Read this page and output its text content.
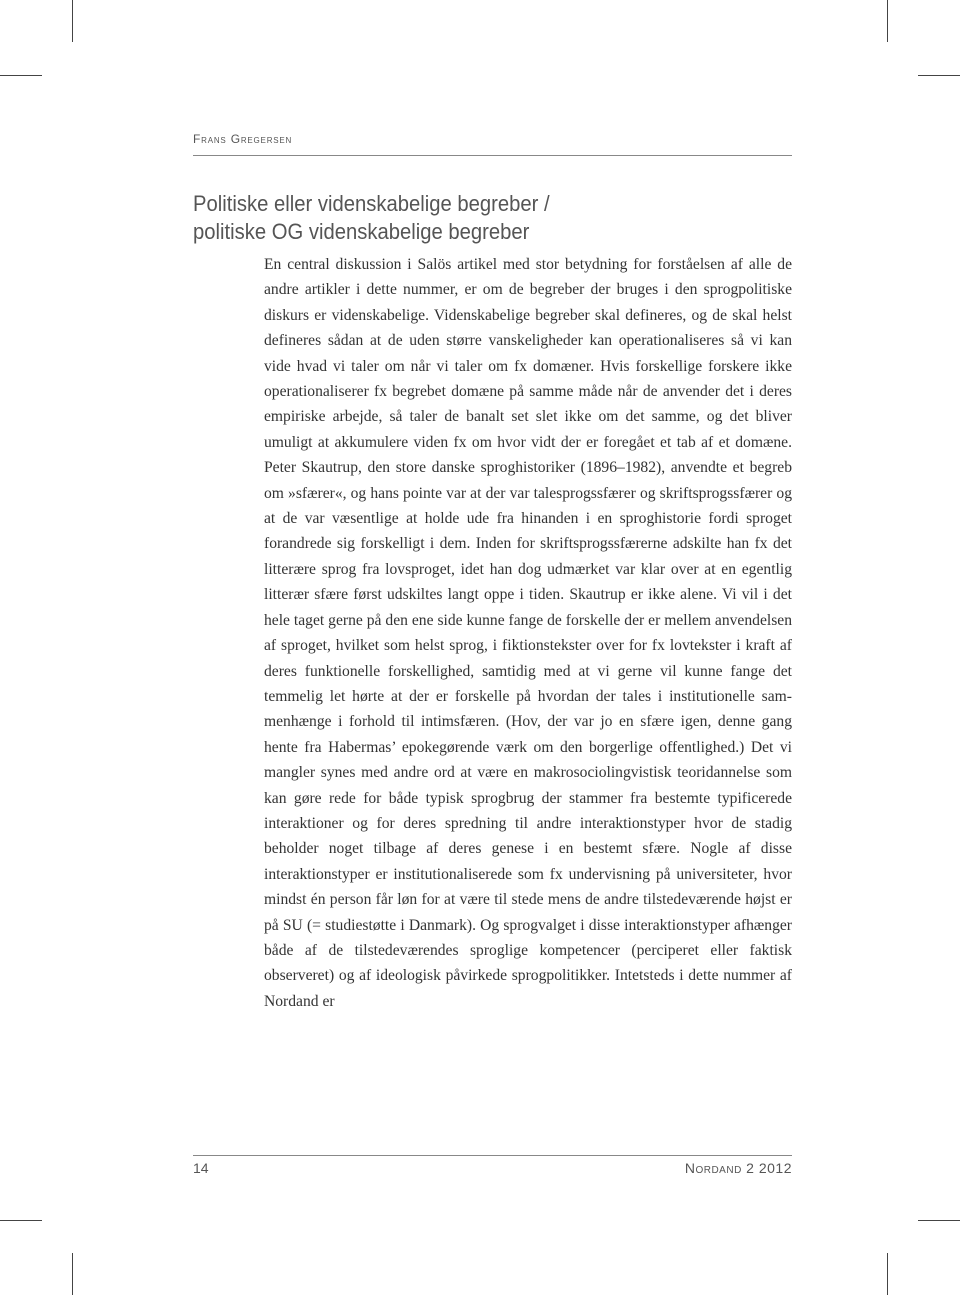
Frans Gregersen

Politiske eller videnskabelige begreber /
politiske OG videnskabelige begreber

En central diskussion i Salös artikel med stor betydning for forståelsen af alle de andre artikler i dette nummer, er om de begreber der bruges i den sprogpolitiske diskurs er videnskabelige. Videnskabelige begreber skal defineres, og de skal helst defineres sådan at de uden større vanskeligheder kan operationaliseres så vi kan vide hvad vi taler om når vi taler om fx domæner. Hvis forskellige forskere ikke operationaliserer fx begrebet domæne på samme måde når de anvender det i deres empiriske arbejde, så taler de banalt set slet ikke om det samme, og det bliver umuligt at akkumulere viden fx om hvor vidt der er foregået et tab af et domæne. Peter Skautrup, den store danske sproghistoriker (1896–1982), anvendte et begreb om »sfærer«, og hans pointe var at der var talesprogssfærer og skriftsprogssfærer og at de var væsentlige at holde ude fra hinanden i en sproghistorie fordi sproget forandrede sig forskelligt i dem. Inden for skriftsprogssfærerne adskilte han fx det litterære sprog fra lovsproget, idet han dog udmærket var klar over at en egentlig litterær sfære først udskiltes langt oppe i tiden. Skautrup er ikke alene. Vi vil i det hele taget gerne på den ene side kunne fange de forskelle der er mellem anvendelsen af sproget, hvilket som helst sprog, i fiktionstekster over for fx lovtekster i kraft af deres funktionelle forskellighed, samtidig med at vi gerne vil kunne fange det temmelig let hørte at der er forskelle på hvordan der tales i institutionelle sammenhænge i forhold til intimsfæren. (Hov, der var jo en sfære igen, denne gang hente fra Habermas’ epokegørende værk om den borgerlige offentlighed.) Det vi mangler synes med andre ord at være en makrosociolingvistisk teoridannelse som kan gøre rede for både typisk sprogbrug der stammer fra bestemte typificerede interaktioner og for deres spredning til andre interaktionstyper hvor de stadig beholder noget tilbage af deres genese i en bestemt sfære. Nogle af disse interaktionstyper er institutionaliserede som fx undervisning på universiteter, hvor mindst én person får løn for at være til stede mens de andre tilstedeværende højst er på SU (= studiestøtte i Danmark). Og sprogvalget i disse interaktionstyper afhænger både af de tilstedeværendes sproglige kompetencer (perciperet eller faktisk observeret) og af ideologisk påvirkede sprogpolitikker. Intetsteds i dette nummer af Nordand er

14	Nordand 2 2012
